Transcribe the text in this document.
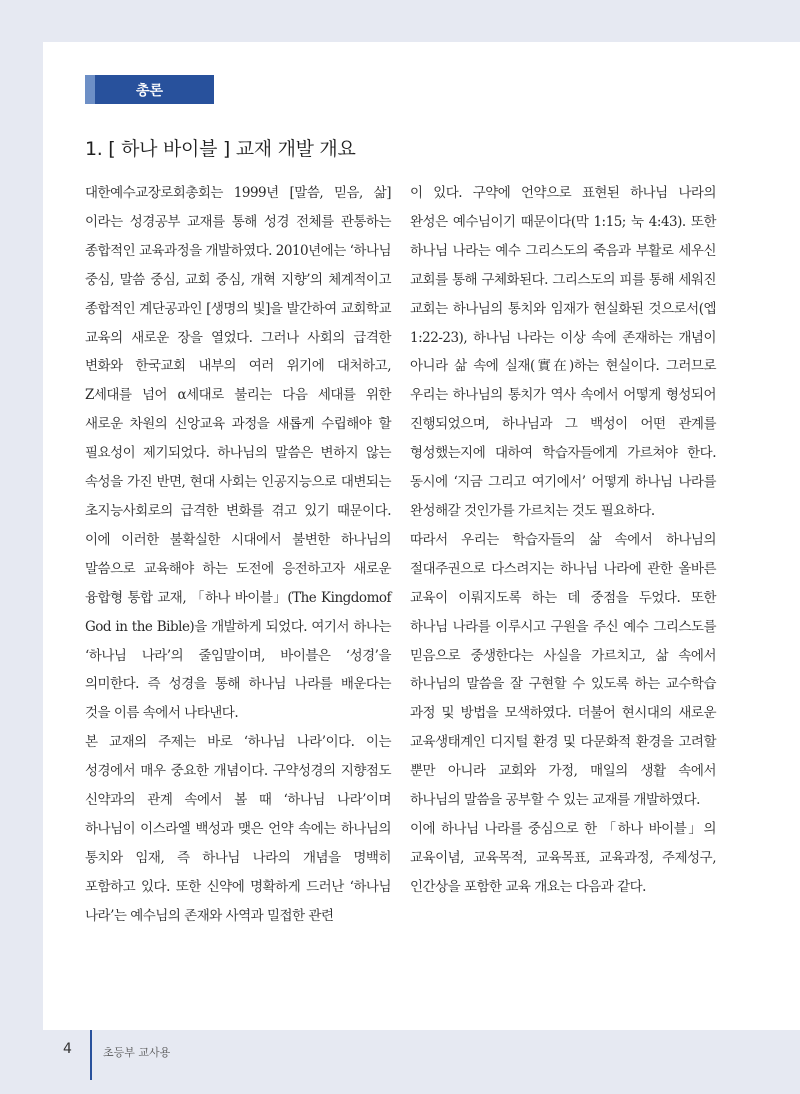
총론
1. [ 하나 바이블 ] 교재 개발 개요

대한예수교장로회총회는 1999년 [말씀, 믿음, 삶]이라는 성경공부 교재를 통해 성경 전체를 관통하는 종합적인 교육과정을 개발하였다. 2010년에는 ‘하나님 중심, 말씀 중심, 교회 중심, 개혁 지향’의 체계적이고 종합적인 계단공과인 [생명의 빛]을 발간하여 교회학교 교육의 새로운 장을 열었다. 그러나 사회의 급격한 변화와 한국교회 내부의 여러 위기에 대처하고, Z세대를 넘어 α세대로 불리는 다음 세대를 위한 새로운 차원의 신앙교육 과정을 새롭게 수립해야 할 필요성이 제기되었다. 하나님의 말씀은 변하지 않는 속성을 가진 반면, 현대 사회는 인공지능으로 대변되는 초지능사회로의 급격한 변화를 겪고 있기 때문이다. 이에 이러한 불확실한 시대에서 불변한 하나님의 말씀으로 교육해야 하는 도전에 응전하고자 새로운 융합형 통합 교재, 「하나 바이블」(The Kingdomof God in the Bible)을 개발하게 되었다. 여기서 하나는 ‘하나님 나라’의 줄임말이며, 바이블은 ‘성경’을 의미한다. 즉 성경을 통해 하나님 나라를 배운다는 것을 이름 속에서 나타낸다.

본 교재의 주제는 바로 ‘하나님 나라’이다. 이는 성경에서 매우 중요한 개념이다. 구약성경의 지향점도 신약과의 관계 속에서 볼 때 ‘하나님 나라’이며 하나님이 이스라엘 백성과 맺은 언약 속에는 하나님의 통치와 임재, 즉 하나님 나라의 개념을 명백히 포함하고 있다. 또한 신약에 명확하게 드러난 ‘하나님 나라’는 예수님의 존재와 사역과 밀접한 관련

이 있다. 구약에 언약으로 표현된 하나님 나라의 완성은 예수님이기 때문이다(막 1:15; 눅 4:43). 또한 하나님 나라는 예수 그리스도의 죽음과 부활로 세우신 교회를 통해 구체화된다. 그리스도의 피를 통해 세워진 교회는 하나님의 통치와 임재가 현실화된 것으로서(엡 1:22-23), 하나님 나라는 이상 속에 존재하는 개념이 아니라 삶 속에 실재(實在)하는 현실이다. 그러므로 우리는 하나님의 통치가 역사 속에서 어떻게 형성되어 진행되었으며, 하나님과 그 백성이 어떤 관계를 형성했는지에 대하여 학습자들에게 가르쳐야 한다. 동시에 ‘지금 그리고 여기에서’ 어떻게 하나님 나라를 완성해갈 것인가를 가르치는 것도 필요하다.

따라서 우리는 학습자들의 삶 속에서 하나님의 절대주권으로 다스려지는 하나님 나라에 관한 올바른 교육이 이뤄지도록 하는 데 중점을 두었다. 또한 하나님 나라를 이루시고 구원을 주신 예수 그리스도를 믿음으로 중생한다는 사실을 가르치고, 삶 속에서 하나님의 말씀을 잘 구현할 수 있도록 하는 교수학습 과정 및 방법을 모색하였다. 더불어 현시대의 새로운 교육생태계인 디지털 환경 및 다문화적 환경을 고려할 뿐만 아니라 교회와 가정, 매일의 생활 속에서 하나님의 말씀을 공부할 수 있는 교재를 개발하였다.

이에 하나님 나라를 중심으로 한 「하나 바이블」의 교육이념, 교육목적, 교육목표, 교육과정, 주제성구, 인간상을 포함한 교육 개요는 다음과 같다.

4	초등부 교사용
